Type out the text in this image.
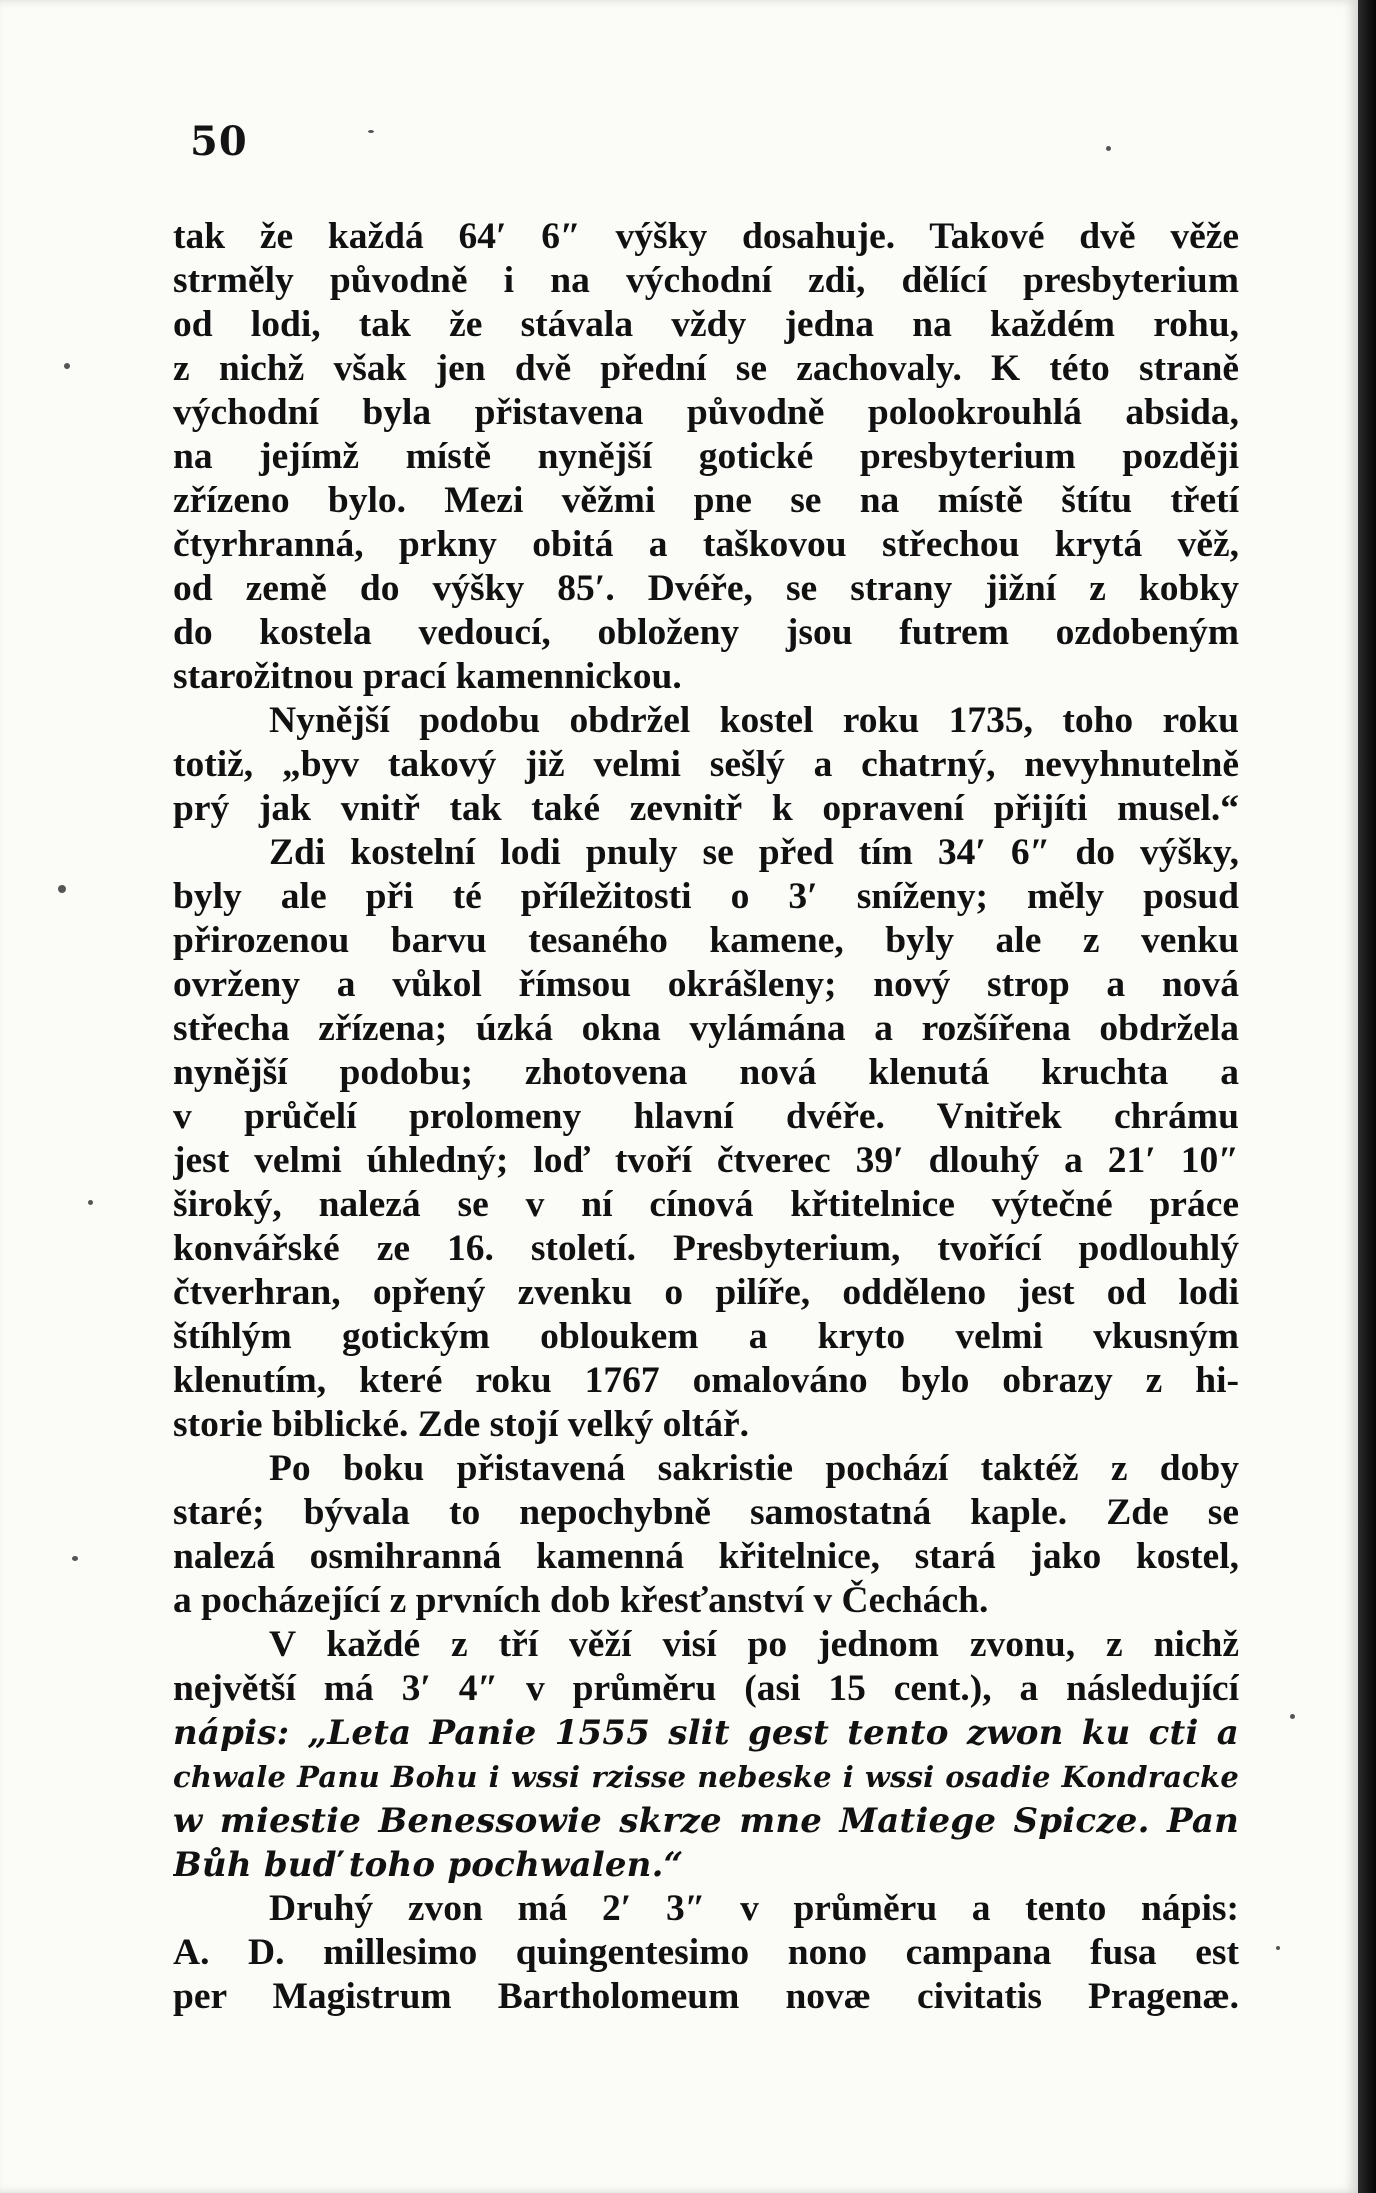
50
tak že každá 64′ 6″ výšky dosahuje. Takové dvě věže
strměly původně i na východní zdi, dělící presbyterium
od lodi, tak že stávala vždy jedna na každém rohu,
z nichž však jen dvě přední se zachovaly. K této straně
východní byla přistavena původně polookrouhlá absida,
na jejímž místě nynější gotické presbyterium později
zřízeno bylo. Mezi věžmi pne se na místě štítu třetí
čtyrhranná, prkny obitá a taškovou střechou krytá věž,
od země do výšky 85′. Dvéře, se strany jižní z kobky
do kostela vedoucí, obloženy jsou futrem ozdobeným
starožitnou prací kamennickou.
Nynější podobu obdržel kostel roku 1735, toho roku
totiž, „byv takový již velmi sešlý a chatrný, nevyhnutelně
prý jak vnitř tak také zevnitř k opravení přijíti musel.“
Zdi kostelní lodi pnuly se před tím 34′ 6″ do výšky,
byly ale při té příležitosti o 3′ sníženy; měly posud
přirozenou barvu tesaného kamene, byly ale z venku
ovrženy a vůkol římsou okrášleny; nový strop a nová
střecha zřízena; úzká okna vylámána a rozšířena obdržela
nynější podobu; zhotovena nová klenutá kruchta a
v průčelí prolomeny hlavní dvéře. Vnitřek chrámu
jest velmi úhledný; loď tvoří čtverec 39′ dlouhý a 21′ 10″
široký, nalezá se v ní cínová křtitelnice výtečné práce
konvářské ze 16. století. Presbyterium, tvořící podlouhlý
čtverhran, opřený zvenku o pilíře, odděleno jest od lodi
štíhlým gotickým obloukem a kryto velmi vkusným
klenutím, které roku 1767 omalováno bylo obrazy z hi-
storie biblické. Zde stojí velký oltář.
Po boku přistavená sakristie pochází taktéž z doby
staré; bývala to nepochybně samostatná kaple. Zde se
nalezá osmihranná kamenná křitelnice, stará jako kostel,
a pocházející z prvních dob křesťanství v Čechách.
V každé z tří věží visí po jednom zvonu, z nichž
největší má 3′ 4″ v průměru (asi 15 cent.), a následující
nápis: „Leta Panie 1555 slit gest tento zwon ku cti a
chwale Panu Bohu i wssi rzisse nebeske i wssi osadie Kondracke
w miestie Benessowie skrze mne Matiege Spicze. Pan
Bůh buď toho pochwalen.“
Druhý zvon má 2′ 3″ v průměru a tento nápis:
A. D. millesimo quingentesimo nono campana fusa est
per Magistrum Bartholomeum novæ civitatis Pragenæ.
